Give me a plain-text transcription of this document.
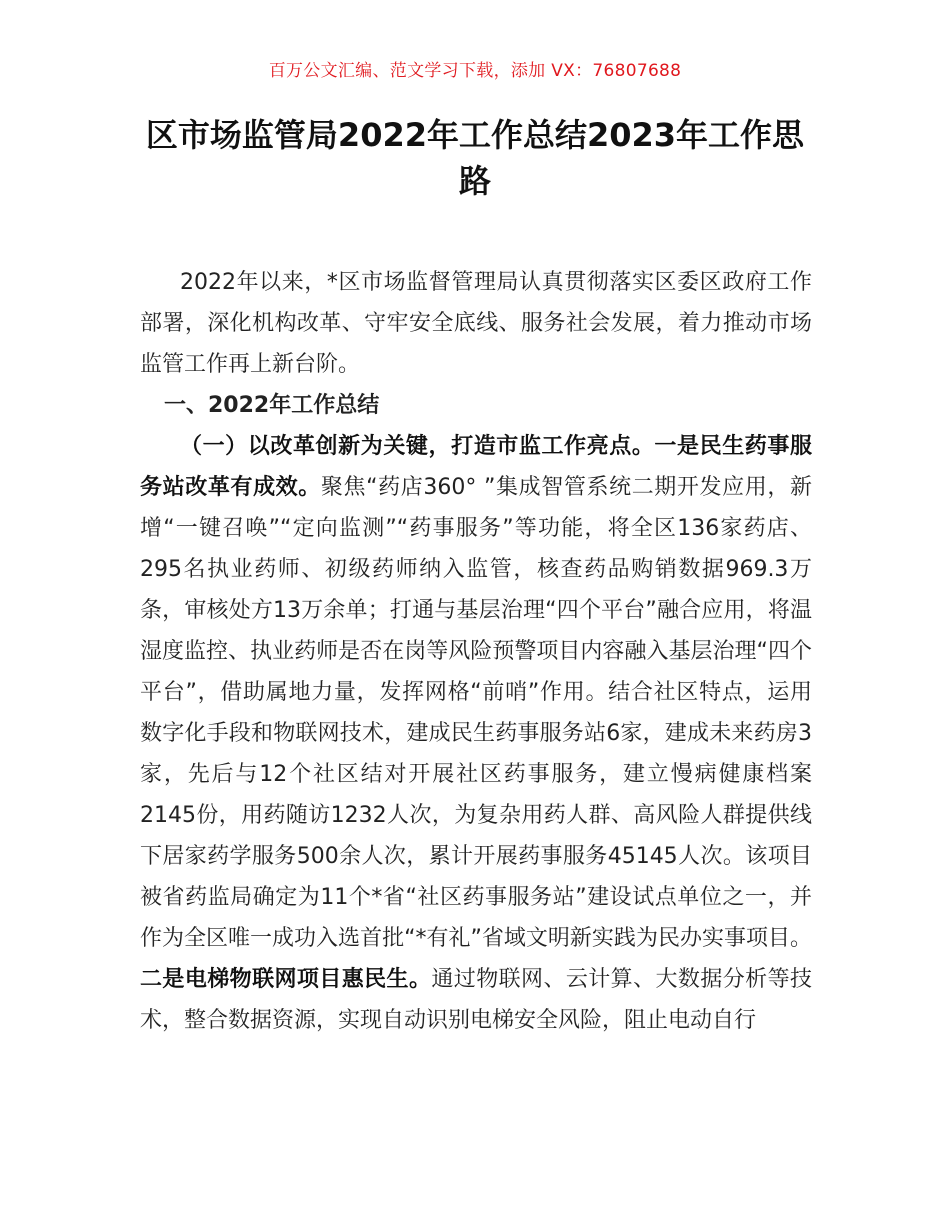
百万公文汇编、范文学习下载，添加 VX：76807688
区市场监管局2022年工作总结2023年工作思路

2022年以来，*区市场监督管理局认真贯彻落实区委区政府工作部署，深化机构改革、守牢安全底线、服务社会发展，着力推动市场监管工作再上新台阶。

一、2022年工作总结

（一）以改革创新为关键，打造市监工作亮点。一是民生药事服务站改革有成效。聚焦“药店360° ”集成智管系统二期开发应用，新增“一键召唤”“定向监测”“药事服务”等功能，将全区136家药店、295名执业药师、初级药师纳入监管，核查药品购销数据969.3万条，审核处方13万余单；打通与基层治理“四个平台”融合应用，将温湿度监控、执业药师是否在岗等风险预警项目内容融入基层治理“四个平台”，借助属地力量，发挥网格“前哨”作用。结合社区特点，运用数字化手段和物联网技术，建成民生药事服务站6家，建成未来药房3家，先后与12个社区结对开展社区药事服务，建立慢病健康档案2145份，用药随访1232人次，为复杂用药人群、高风险人群提供线下居家药学服务500余人次，累计开展药事服务45145人次。该项目被省药监局确定为11个*省“社区药事服务站”建设试点单位之一，并作为全区唯一成功入选首批“*有礼”省域文明新实践为民办实事项目。二是电梯物联网项目惠民生。通过物联网、云计算、大数据分析等技术，整合数据资源，实现自动识别电梯安全风险，阻止电动自行
